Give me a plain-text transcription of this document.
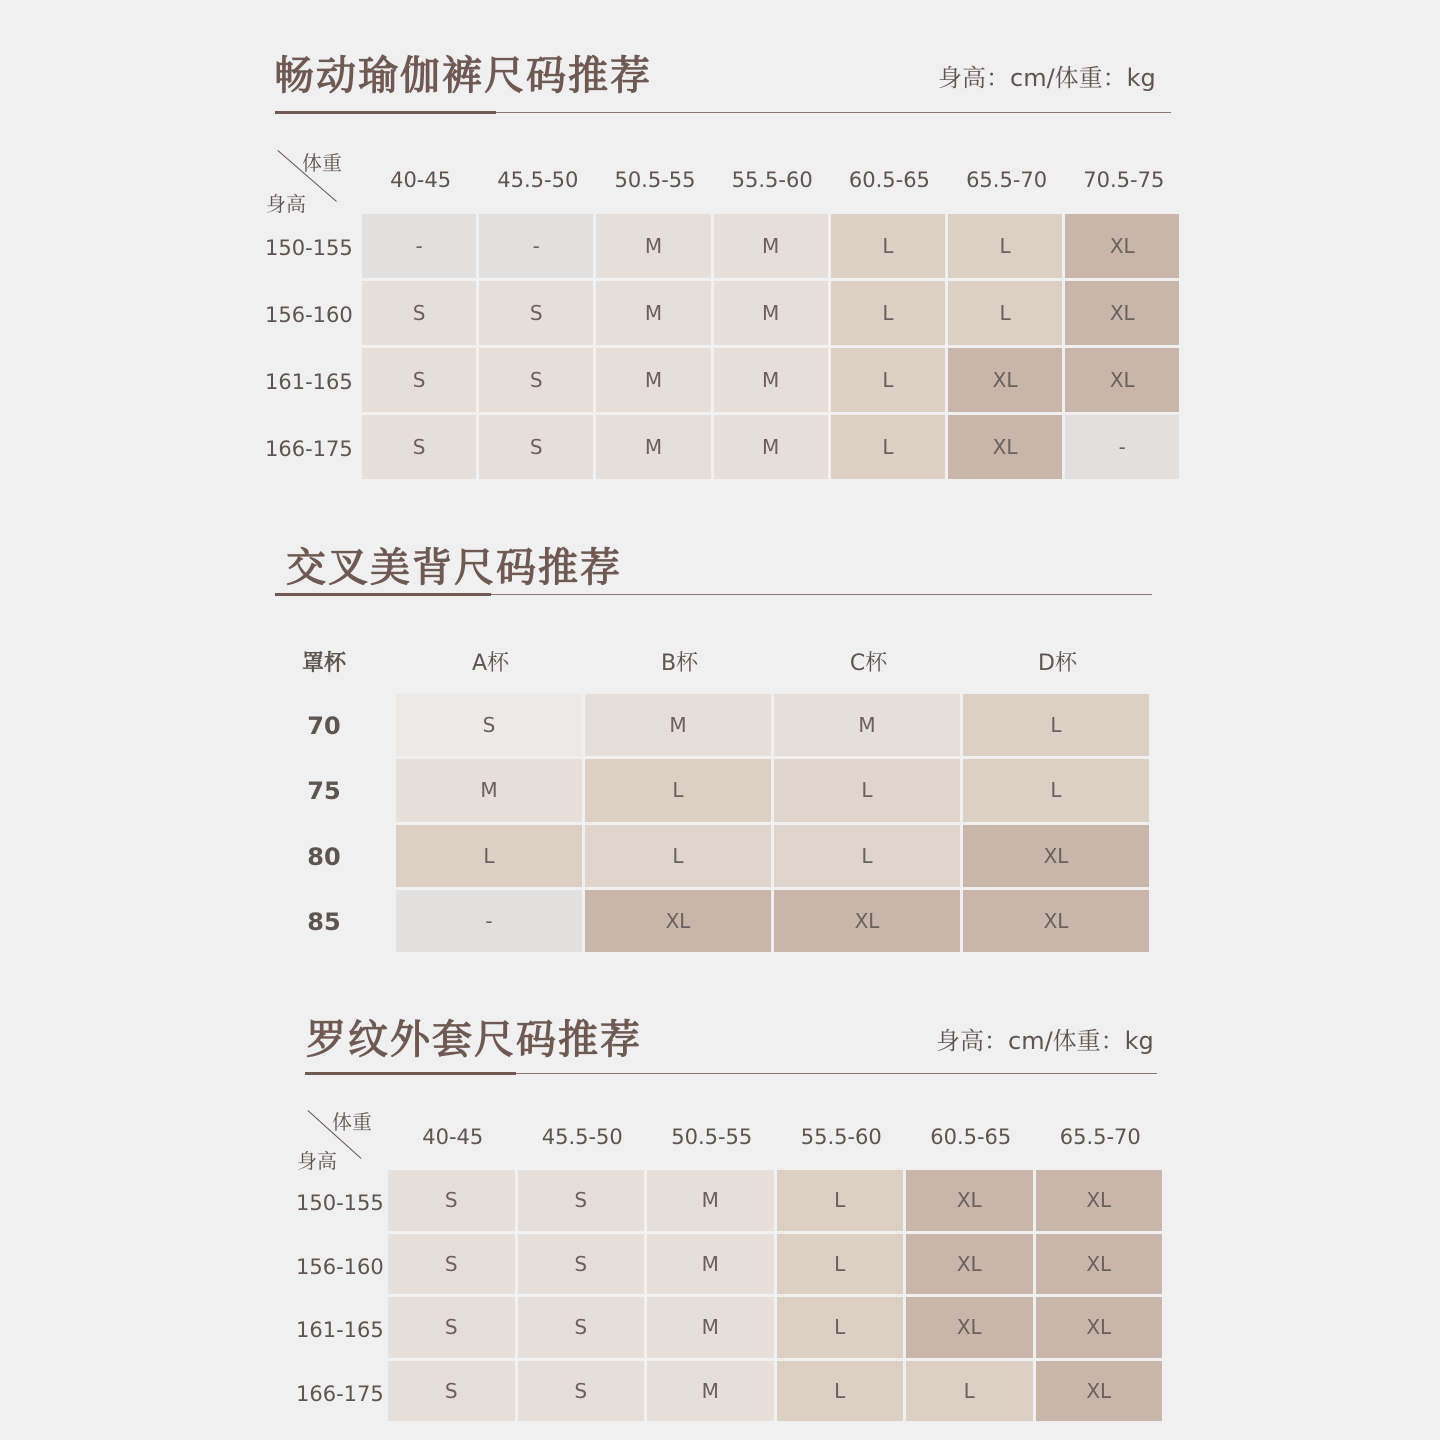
畅动瑜伽裤尺码推荐	身高：cm/体重：kg

体重
身高
40-45	45.5-50	50.5-55	55.5-60	60.5-65	65.5-70	70.5-75
150-155	-	-	M	M	L	L	XL
156-160	S	S	M	M	L	L	XL
161-165	S	S	M	M	L	XL	XL
166-175	S	S	M	M	L	XL	-
交叉美背尺码推荐
罩杯	A杯	B杯	C杯	D杯
70	S	M	M	L
75	M	L	L	L
80	L	L	L	XL
85	-	XL	XL	XL
罗纹外套尺码推荐	身高：cm/体重：kg

体重
身高
40-45	45.5-50	50.5-55	55.5-60	60.5-65	65.5-70
150-155	S	S	M	L	XL	XL
156-160	S	S	M	L	XL	XL
161-165	S	S	M	L	XL	XL
166-175	S	S	M	L	L	XL
